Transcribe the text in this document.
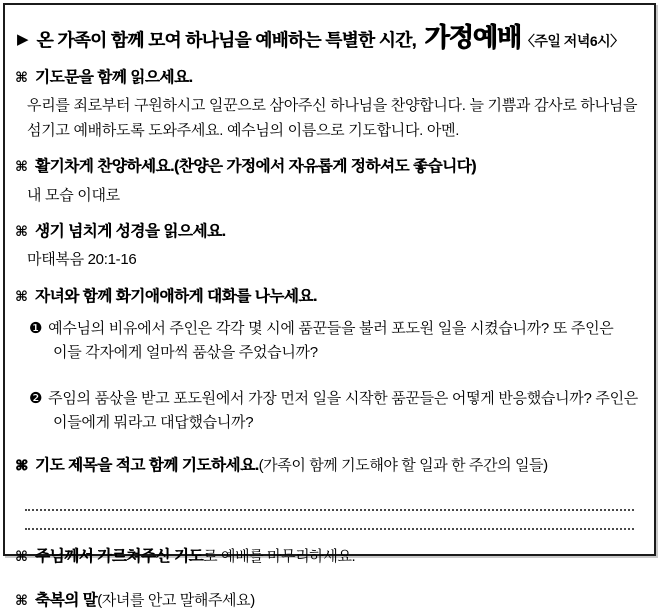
▶ 온 가족이 함께 모여 하나님을 예배하는 특별한 시간, 가정예배〈주일 저녁6시〉
⌘ 기도문을 함께 읽으세요.

우리를 죄로부터 구원하시고 일꾼으로 삼아주신 하나님을 찬양합니다. 늘 기쁨과 감사로 하나님을 섬기고 예배하도록 도와주세요. 예수님의 이름으로 기도합니다. 아멘.

⌘ 활기차게 찬양하세요.(찬양은 가정에서 자유롭게 정하셔도 좋습니다)

내 모습 이대로

⌘ 생기 넘치게 성경을 읽으세요.

마태복음 20:1-16

⌘ 자녀와 함께 화기애애하게 대화를 나누세요.
❶ 예수님의 비유에서 주인은 각각 몇 시에 품꾼들을 불러 포도원 일을 시켰습니까? 또 주인은 이들 각자에게 얼마씩 품삯을 주었습니까?
❷ 주임의 품삯을 받고 포도원에서 가장 먼저 일을 시작한 품꾼들은 어떻게 반응했습니까? 주인은 이들에게 뭐라고 대답했습니까?
⌘ 기도 제목을 적고 함께 기도하세요.(가족이 함께 기도해야 할 일과 한 주간의 일들)
⌘ 주님께서 가르쳐주신 기도로 예배를 마무리하세요.
⌘ 축복의 말(자녀를 안고 말해주세요)
